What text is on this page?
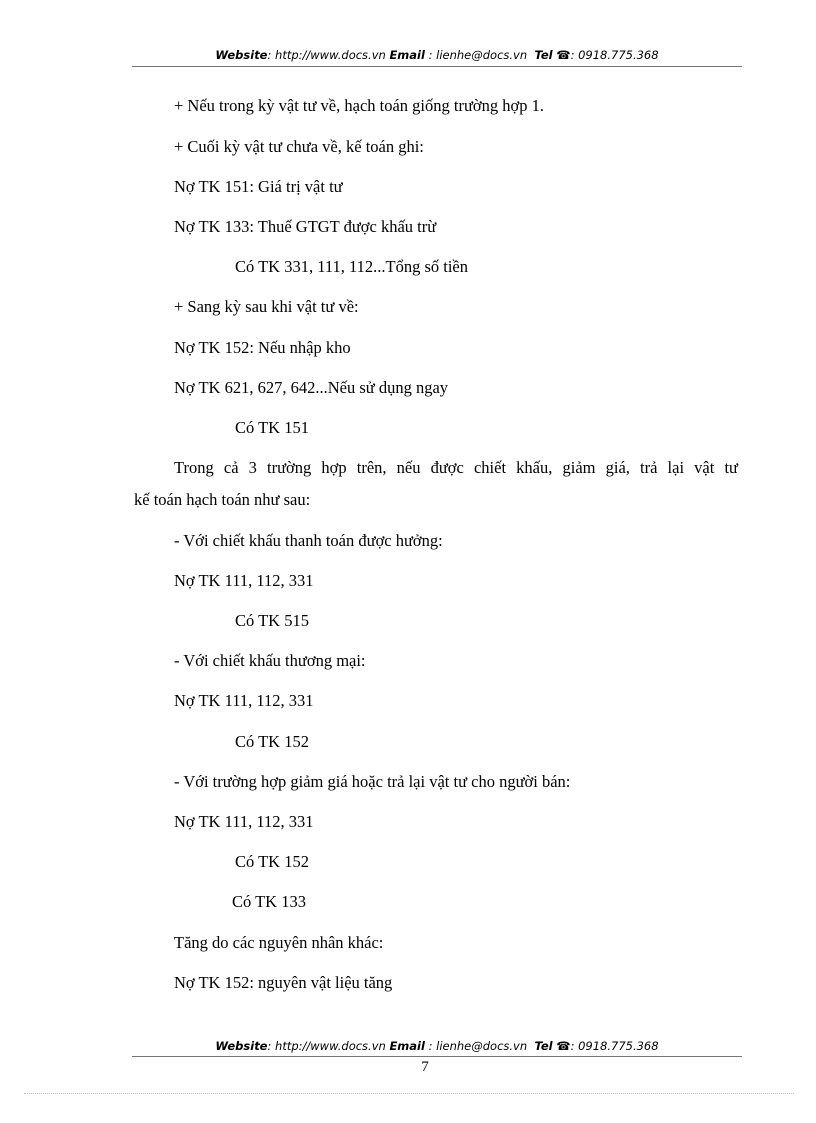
Website: http://www.docs.vn Email : lienhe@docs.vn Tel ☎: 0918.775.368
+ Nếu trong kỳ vật tư về, hạch toán giống trường hợp 1.
+ Cuối kỳ vật tư chưa về, kế toán ghi:
Nợ TK 151: Giá trị vật tư
Nợ TK 133: Thuế GTGT được khấu trừ
Có TK 331, 111, 112...Tổng số tiền
+ Sang kỳ sau khi vật tư về:
Nợ TK 152: Nếu nhập kho
Nợ TK 621, 627, 642...Nếu sử dụng ngay
Có TK 151
Trong cả 3 trường hợp trên, nếu được chiết khấu, giảm giá, trả lại vật tư
kế toán hạch toán như sau:
- Với chiết khấu thanh toán được hưởng:
Nợ TK 111, 112, 331
Có TK 515
- Với chiết khấu thương mại:
Nợ TK 111, 112, 331
Có TK 152
- Với trường hợp giảm giá hoặc trả lại vật tư cho người bán:
Nợ TK 111, 112, 331
Có TK 152
Có TK 133
Tăng do các nguyên nhân khác:
Nợ TK 152: nguyên vật liệu tăng
Website: http://www.docs.vn Email : lienhe@docs.vn Tel ☎: 0918.775.368
7
